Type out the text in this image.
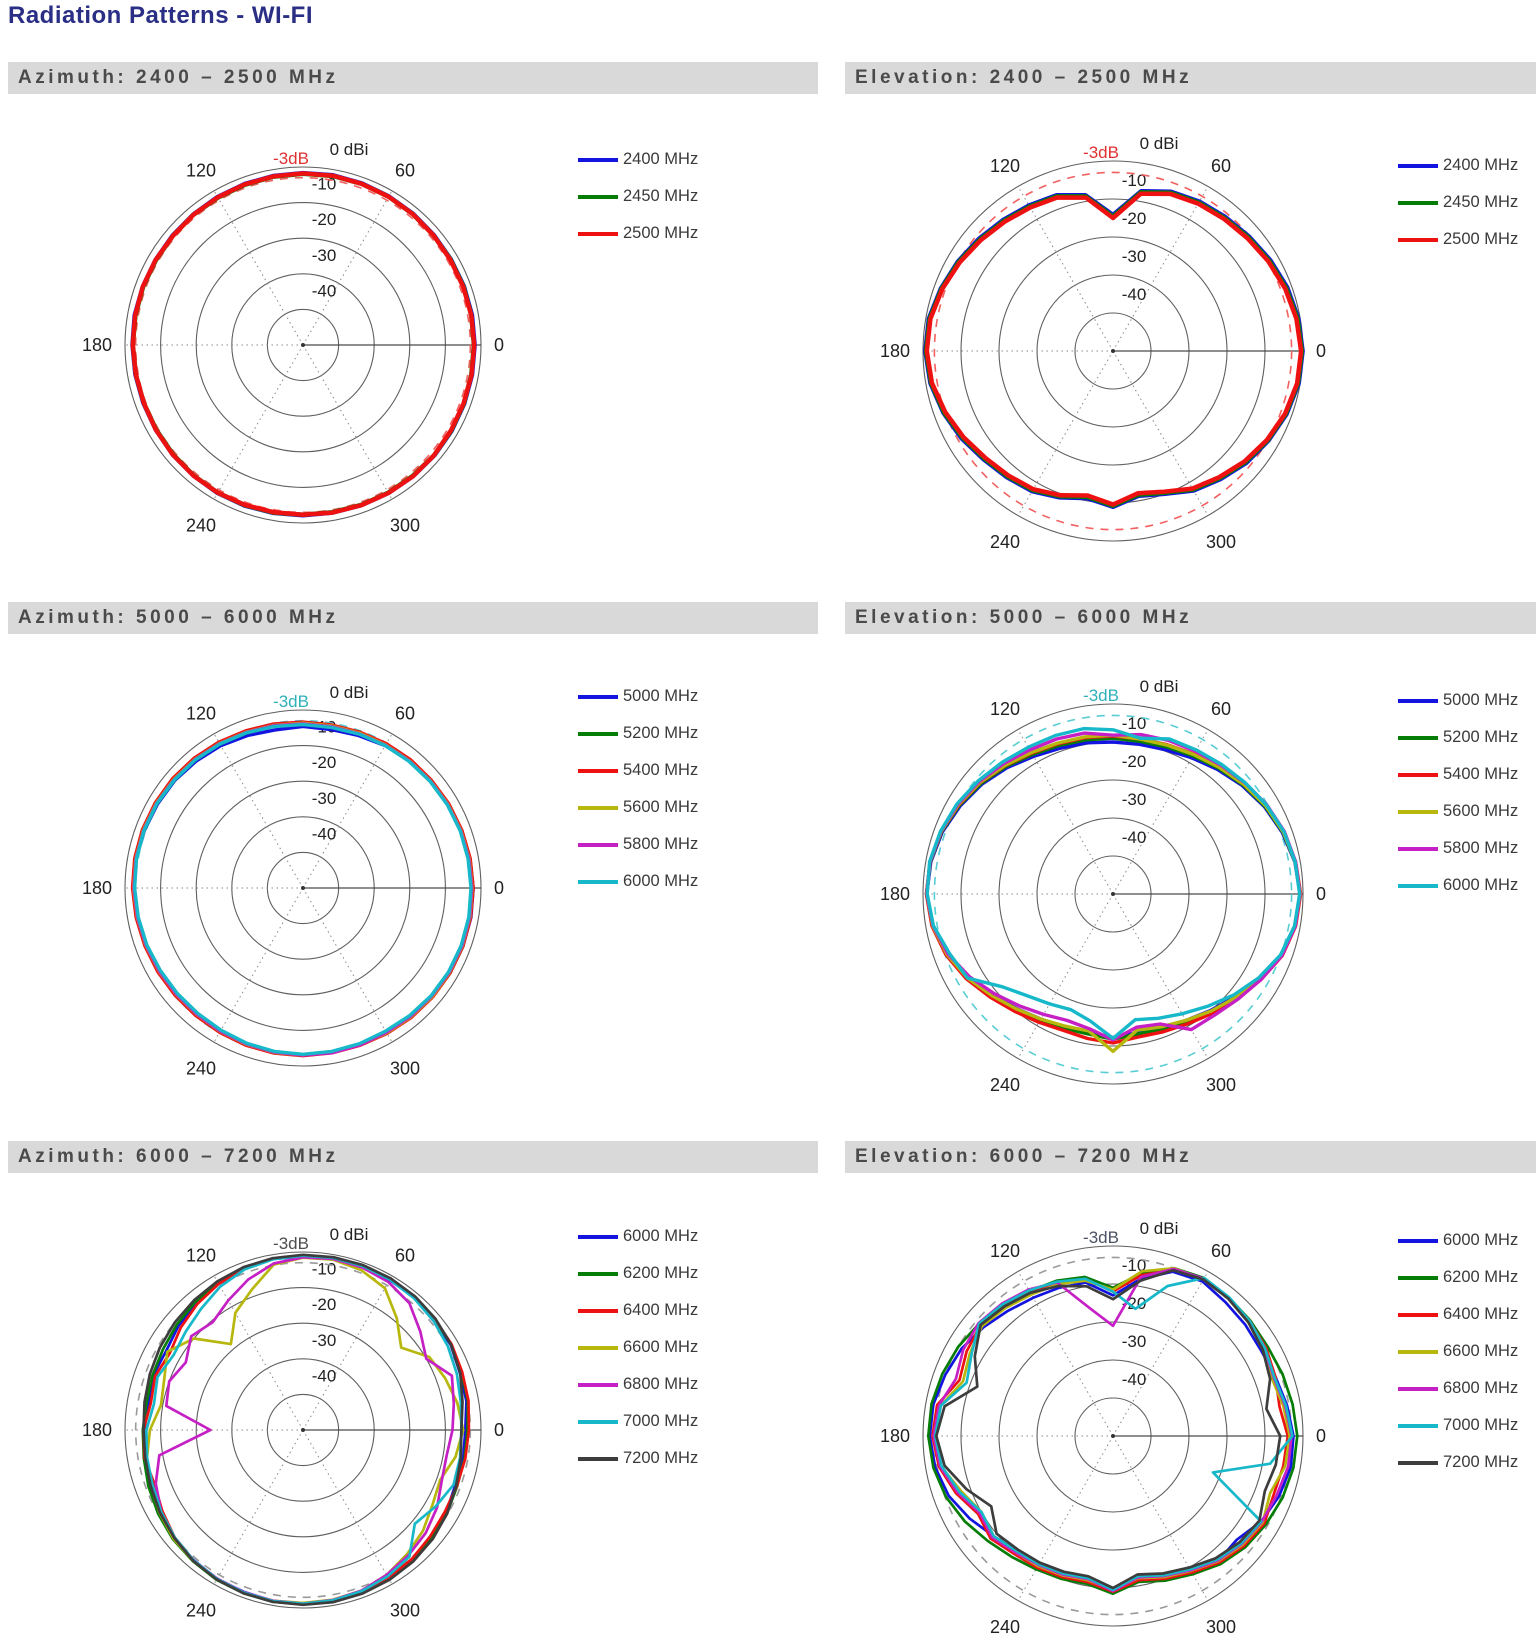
Radiation Patterns - WI-FI
Azimuth: 2400 – 2500 MHz	Elevation: 2400 – 2500 MHz
Azimuth: 5000 – 6000 MHz	Elevation: 5000 – 6000 MHz
Azimuth: 6000 – 7200 MHz	Elevation: 6000 – 7200 MHz
0
60
120
180
240	300
0 dBi
-10
-20
-30
-40
-3dB	2400 MHz
2450 MHz
2500 MHz
0
60
120
180
240	300
0 dBi
-10
-20
-30
-40
-3dB
2400 MHz
2450 MHz
2500 MHz
0
60
120
180
240	300
0 dBi
-10
-20
-30
-40
-3dB	5000 MHz
5200 MHz
5400 MHz
5600 MHz
5800 MHz
6000 MHz
0
60
120
180
240	300
0 dBi
-10
-20
-30
-40
-3dB	5000 MHz
5200 MHz
5400 MHz
5600 MHz
5800 MHz
6000 MHz
0
60
120
180
240	300
0 dBi
-10
-20
-30
-40
-3dB	6000 MHz
6200 MHz
6400 MHz
6600 MHz
6800 MHz
7000 MHz
7200 MHz
0
60
120
180
240	300
0 dBi
-10
-20
-30
-40
-3dB	6000 MHz
6200 MHz
6400 MHz
6600 MHz
6800 MHz
7000 MHz
7200 MHz
